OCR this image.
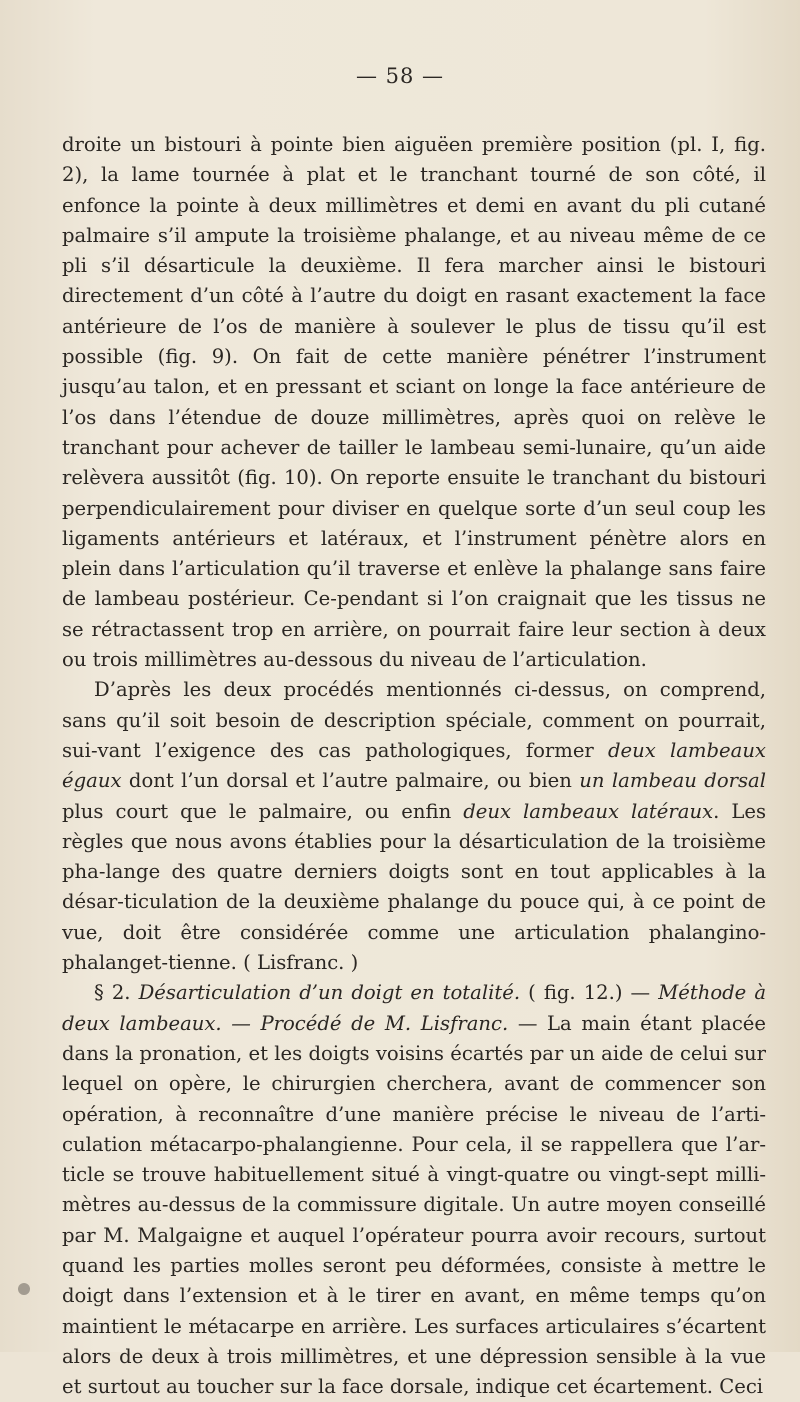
— 58 —

droite un bistouri à pointe bien aiguëen première position (pl. I, fig. 2), la lame tournée à plat et le tranchant tourné de son côté, il enfonce la pointe à deux millimètres et demi en avant du pli cutané palmaire s’il ampute la troisième phalange, et au niveau même de ce pli s’il désarticule la deuxième. Il fera marcher ainsi le bistouri directement d’un côté à l’autre du doigt en rasant exactement la face antérieure de l’os de manière à soulever le plus de tissu qu’il est possible (fig. 9). On fait de cette manière pénétrer l’instrument jusqu’au talon, et en pressant et sciant on longe la face antérieure de l’os dans l’étendue de douze millimètres, après quoi on relève le tranchant pour achever de tailler le lambeau semi-lunaire, qu’un aide relèvera aussitôt (fig. 10). On reporte ensuite le tranchant du bistouri perpendiculairement pour diviser en quelque sorte d’un seul coup les ligaments antérieurs et latéraux, et l’instrument pénètre alors en plein dans l’articulation qu’il traverse et enlève la phalange sans faire de lambeau postérieur. Ce-pendant si l’on craignait que les tissus ne se rétractassent trop en arrière, on pourrait faire leur section à deux ou trois millimètres au-dessous du niveau de l’articulation.

D’après les deux procédés mentionnés ci-dessus, on comprend, sans qu’il soit besoin de description spéciale, comment on pourrait, sui-vant l’exigence des cas pathologiques, former deux lambeaux égaux dont l’un dorsal et l’autre palmaire, ou bien un lambeau dorsal plus court que le palmaire, ou enfin deux lambeaux latéraux. Les règles que nous avons établies pour la désarticulation de la troisième pha-lange des quatre derniers doigts sont en tout applicables à la désar-ticulation de la deuxième phalange du pouce qui, à ce point de vue, doit être considérée comme une articulation phalangino-phalanget-tienne. ( Lisfranc. )

§ 2. Désarticulation d’un doigt en totalité. ( fig. 12.) — Méthode à deux lambeaux. — Procédé de M. Lisfranc. — La main étant placée dans la pronation, et les doigts voisins écartés par un aide de celui sur lequel on opère, le chirurgien cherchera, avant de commencer son opération, à reconnaître d’une manière précise le niveau de l’arti-culation métacarpo-phalangienne. Pour cela, il se rappellera que l’ar-ticle se trouve habituellement situé à vingt-quatre ou vingt-sept milli-mètres au-dessus de la commissure digitale. Un autre moyen conseillé par M. Malgaigne et auquel l’opérateur pourra avoir recours, surtout quand les parties molles seront peu déformées, consiste à mettre le doigt dans l’extension et à le tirer en avant, en même temps qu’on maintient le métacarpe en arrière. Les surfaces articulaires s’écartent alors de deux à trois millimètres, et une dépression sensible à la vue et surtout au toucher sur la face dorsale, indique cet écartement. Ceci
